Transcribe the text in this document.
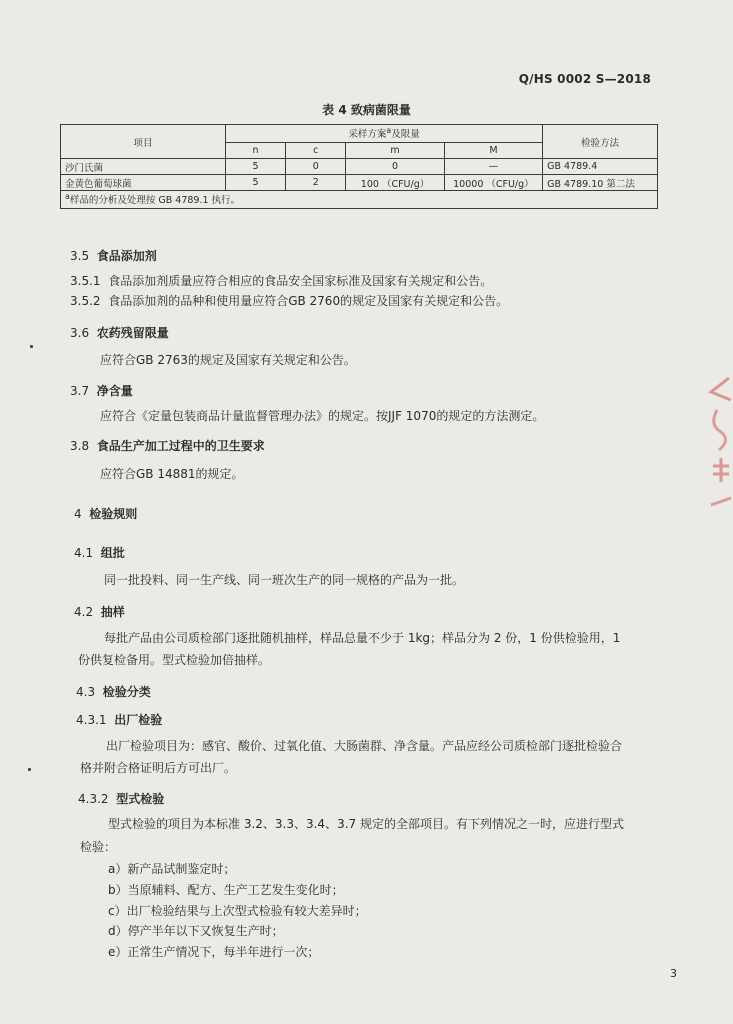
Q/HS 0002 S—2018
表 4 致病菌限量
项目	采样方案$^a$及限量				检验方法
	n	c	m	M	
沙门氏菌	5	0	0	—	GB 4789.4
金黄色葡萄球菌	5	2	100 （CFU/g）	10000 （CFU/g）	GB 4789.10 第二法
$^a$样品的分析及处理按 GB 4789.1 执行。					
3.5 食品添加剂
3.5.1 食品添加剂质量应符合相应的食品安全国家标准及国家有关规定和公告。
3.5.2 食品添加剂的品种和使用量应符合GB 2760的规定及国家有关规定和公告。
3.6 农药残留限量
应符合GB 2763的规定及国家有关规定和公告。
3.7 净含量
应符合《定量包装商品计量监督管理办法》的规定。按JJF 1070的规定的方法测定。
3.8 食品生产加工过程中的卫生要求
应符合GB 14881的规定。
4 检验规则
4.1 组批
同一批投料、同一生产线、同一班次生产的同一规格的产品为一批。
4.2 抽样
每批产品由公司质检部门逐批随机抽样，样品总量不少于 1kg；样品分为 2 份，1 份供检验用，1
份供复检备用。型式检验加倍抽样。
4.3 检验分类
4.3.1 出厂检验
出厂检验项目为：感官、酸价、过氧化值、大肠菌群、净含量。产品应经公司质检部门逐批检验合
格并附合格证明后方可出厂。
4.3.2 型式检验
型式检验的项目为本标准 3.2、3.3、3.4、3.7 规定的全部项目。有下列情况之一时，应进行型式
检验：
a）新产品试制鉴定时；
b）当原辅料、配方、生产工艺发生变化时；
c）出厂检验结果与上次型式检验有较大差异时；
d）停产半年以下又恢复生产时；
e）正常生产情况下，每半年进行一次；
3
